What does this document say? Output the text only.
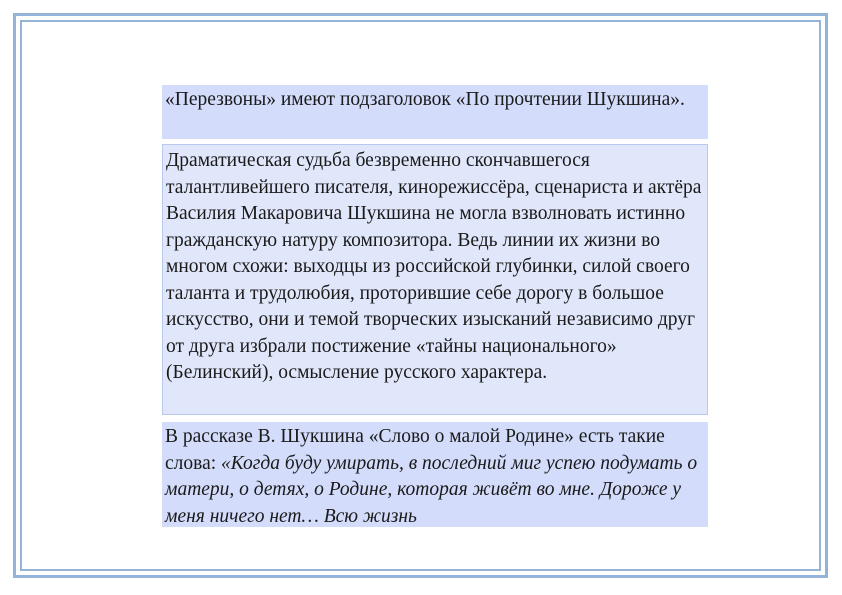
«Перезвоны» имеют подзаголовок «По прочтении Шукшина».
Драматическая судьба безвременно скончавшегося талантливейшего писателя, кинорежиссёра, сценариста и актёра Василия Макаровича Шукшина не могла взволновать истинно гражданскую натуру композитора. Ведь линии их жизни во многом схожи: выходцы из российской глубинки, силой своего таланта и трудолюбия, проторившие себе дорогу в большое искусство, они и темой творческих изысканий независимо друг от друга избрали постижение «тайны национального» (Белинский), осмысление русского характера.
В рассказе В. Шукшина «Слово о малой Родине» есть такие слова: «Когда буду умирать, в последний миг успею подумать о матери, о детях, о Родине, которая живёт во мне. Дороже у меня ничего нет… Всю жизнь
